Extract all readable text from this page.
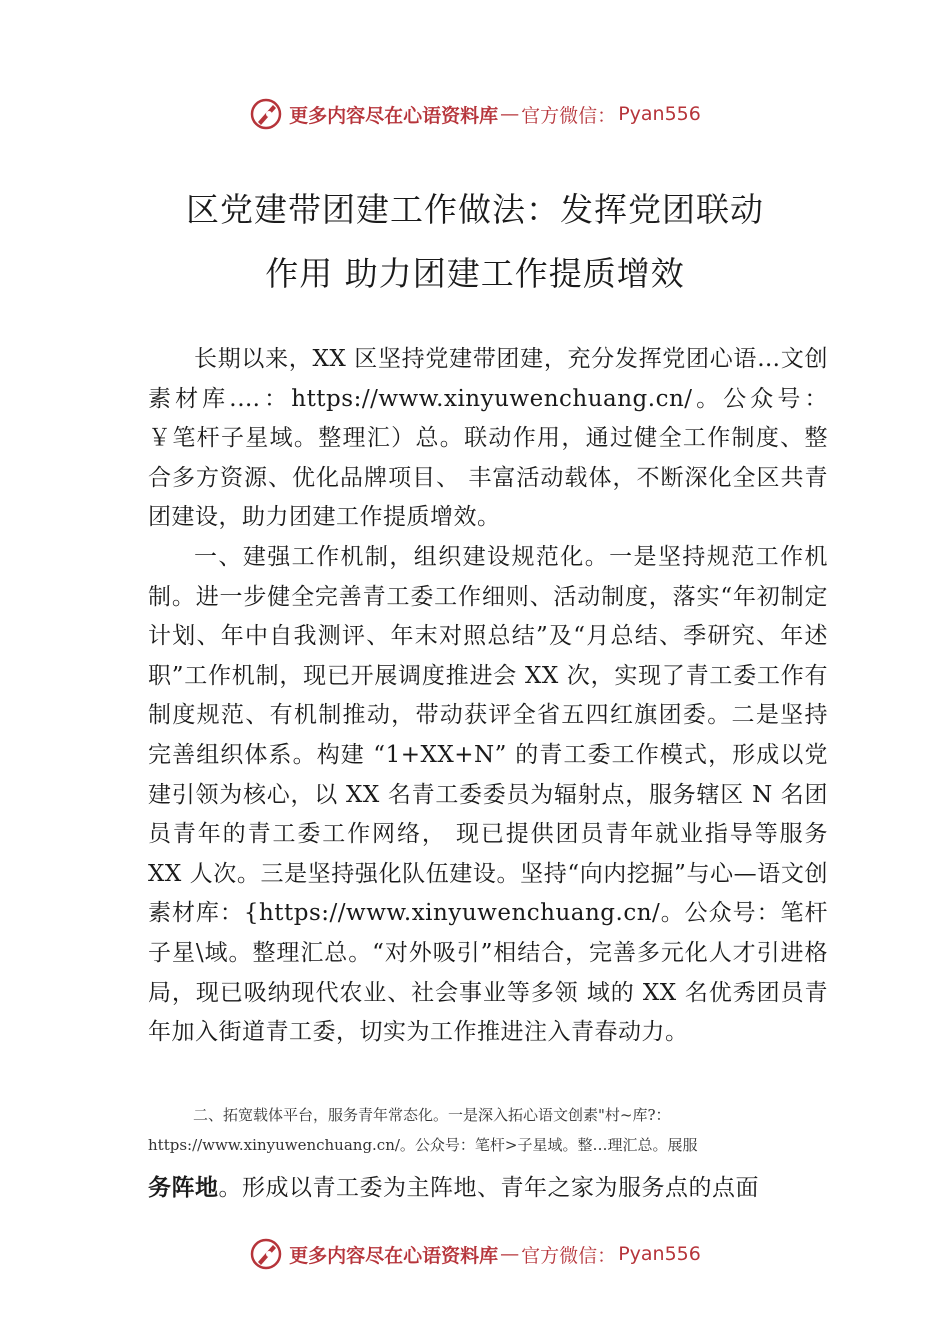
更多内容尽在心语资料库 — 官方微信： Pyan556
区党建带团建工作做法：发挥党团联动
作用 助力团建工作提质增效

长期以来，XX 区坚持党建带团建，充分发挥党团心语…文创素材库.…：https://www.xinyuwenchuang.cn/。公众号：￥笔杆子星域。整理汇）总。联动作用，通过健全工作制度、整合多方资源、优化品牌项目、 丰富活动载体，不断深化全区共青团建设，助力团建工作提质增效。

一、建强工作机制，组织建设规范化。一是坚持规范工作机制。进一步健全完善青工委工作细则、活动制度，落实“年初制定计划、年中自我测评、年末对照总结”及“月总结、季研究、年述职”工作机制，现已开展调度推进会 XX 次，实现了青工委工作有制度规范、有机制推动，带动获评全省五四红旗团委。二是坚持完善组织体系。构建 “1+XX+N” 的青工委工作模式，形成以党建引领为核心，以 XX 名青工委委员为辐射点，服务辖区 N 名团员青年的青工委工作网络， 现已提供团员青年就业指导等服务 XX 人次。三是坚持强化队伍建设。坚持“向内挖掘”与心—语文创素材库：{https://www.xinyuwenchuang.cn/。公众号：笔杆子星\域。整理汇总。“对外吸引”相结合，完善多元化人才引进格局，现已吸纳现代农业、社会事业等多领 域的 XX 名优秀团员青年加入街道青工委，切实为工作推进注入青春动力。

二、拓宽载体平台，服务青年常态化。一是深入拓心语文创素"村~库?：https://www.xinyuwenchuang.cn/。公众号：笔杆>子星域。整…理汇总。展服
务阵地。形成以青工委为主阵地、青年之家为服务点的点面
更多内容尽在心语资料库 — 官方微信： Pyan556
